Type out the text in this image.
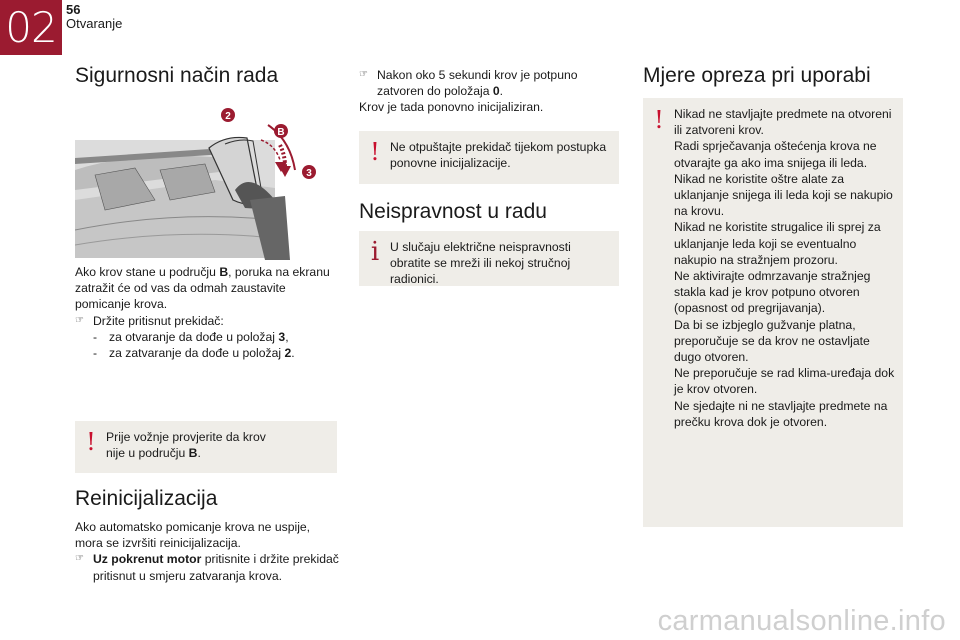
02 56
Otvaranje
Sigurnosni način rada
2
B
3

Ako krov stane u području B, poruka na ekranu zatražit će od vas da odmah zaustavite pomicanje krova.

☞ Držite pritisnut prekidač:

- za otvaranje da dođe u položaj 3,

- za zatvaranje da dođe u položaj 2.

! Prije vožnje provjerite da krov nije u području B.
Reinicijalizacija

Ako automatsko pomicanje krova ne uspije, mora se izvršiti reinicijalizacija.

☞ Uz pokrenut motor pritisnite i držite prekidač pritisnut u smjeru zatvaranja krova.

☞ Nakon oko 5 sekundi krov je potpuno zatvoren do položaja 0.

Krov je tada ponovno inicijaliziran.

! Ne otpuštajte prekidač tijekom postupka ponovne inicijalizacije.
Neispravnost u radu
i U slučaju električne neispravnosti obratite se mreži ili nekoj stručnoj radionici.
Mjere opreza pri uporabi
! Nikad ne stavljajte predmete na otvoreni ili zatvoreni krov.

Radi sprječavanja oštećenja krova ne otvarajte ga ako ima snijega ili leda.

Nikad ne koristite oštre alate za uklanjanje snijega ili leda koji se nakupio na krovu.

Nikad ne koristite strugalice ili sprej za uklanjanje leda koji se eventualno nakupio na stražnjem prozoru.

Ne aktivirajte odmrzavanje stražnjeg stakla kad je krov potpuno otvoren (opasnost od pregrijavanja).

Da bi se izbjeglo gužvanje platna, preporučuje se da krov ne ostavljate dugo otvoren.

Ne preporučuje se rad klima-uređaja dok je krov otvoren.

Ne sjedajte ni ne stavljajte predmete na prečku krova dok je otvoren.

carmanualsonline.info
